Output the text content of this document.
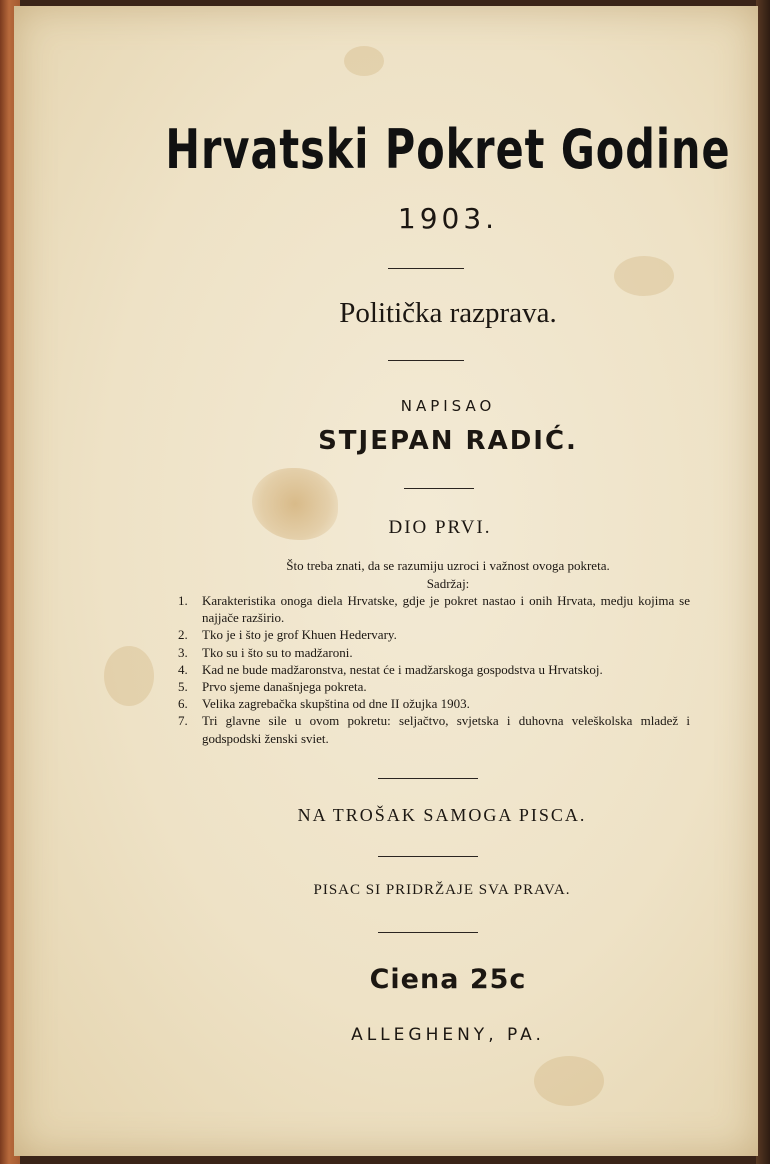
Hrvatski Pokret Godine
1903.
Politička razprava.
NAPISAO
STJEPAN RADIĆ.
DIO PRVI.
Što treba znati, da se razumiju uzroci i važnost ovoga pokreta.
Sadržaj:
1.	Karakteristika onoga diela Hrvatske, gdje je pokret nastao i onih Hrvata, medju kojima se najjače razširio.
2.	Tko je i što je grof Khuen Hedervary.
3.	Tko su i što su to madžaroni.
4.	Kad ne bude madžaronstva, nestat će i madžarskoga gospodstva u Hrvatskoj.
5.	Prvo sjeme današnjega pokreta.
6.	Velika zagrebačka skupština od dne II ožujka 1903.
7.	Tri glavne sile u ovom pokretu: seljačtvo, svjetska i duhovna veleškolska mladež i godspodski ženski sviet.
NA TROŠAK SAMOGA PISCA.
PISAC SI PRIDRŽAJE SVA PRAVA.
Ciena 25c
ALLEGHENY, PA.
